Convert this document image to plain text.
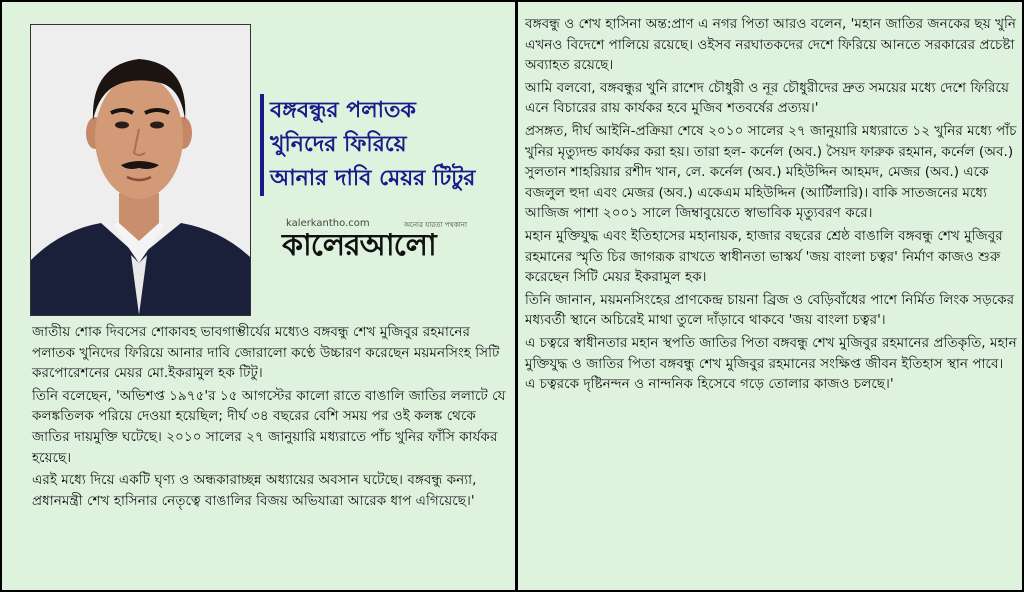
বঙ্গবন্ধুর পলাতক
খুনিদের ফিরিয়ে
আনার দাবি মেয়র টিটুর
kalerkantho.com	অন্যের যারতা পথকানা
কালরআলো

জাতীয় শোক দিবসের শোকাবহ ভাবগাম্ভীর্যের মধ্যেও বঙ্গবন্ধু শেখ মুজিবুর রহমানের পলাতক খুনিদের ফিরিয়ে আনার দাবি জোরালো কণ্ঠে উচ্চারণ করেছেন ময়মনসিংহ সিটি করপোরেশনের মেয়র মো.ইকরামুল হক টিটু।

তিনি বলেছেন, 'অভিশপ্ত ১৯৭৫'র ১৫ আগস্টের কালো রাতে বাঙালি জাতির ললাটে যে কলঙ্কতিলক পরিয়ে দেওয়া হয়েছিল; দীর্ঘ ৩৪ বছরের বেশি সময় পর ওই কলঙ্ক থেকে জাতির দায়মুক্তি ঘটেছে। ২০১০ সালের ২৭ জানুয়ারি মধ্যরাতে পাঁচ খুনির ফাঁসি কার্যকর হয়েছে।

এরই মধ্যে দিয়ে একটি ঘৃণ্য ও অন্ধকারাচ্ছন্ন অধ্যায়ের অবসান ঘটেছে। বঙ্গবন্ধু কন্যা, প্রধানমন্ত্রী শেখ হাসিনার নেতৃত্বে বাঙালির বিজয় অভিযাত্রা আরেক ধাপ এগিয়েছে।'

বঙ্গবন্ধু ও শেখ হাসিনা অন্ত:প্রাণ এ নগর পিতা আরও বলেন, 'মহান জাতির জনকের ছয় খুনি এখনও বিদেশে পালিয়ে রয়েছে। ওইসব নরঘাতকদের দেশে ফিরিয়ে আনতে সরকারের প্রচেষ্টা অব্যাহত রয়েছে।

আমি বলবো, বঙ্গবন্ধুর খুনি রাশেদ চৌধুরী ও নূর চৌধুরীদের দ্রুত সময়ের মধ্যে দেশে ফিরিয়ে এনে বিচারের রায় কার্যকর হবে মুজিব শতবর্ষের প্রত্যয়।'

প্রসঙ্গত, দীর্ঘ আইনি-প্রক্রিয়া শেষে ২০১০ সালের ২৭ জানুয়ারি মধ্যরাতে ১২ খুনির মধ্যে পাঁচ খুনির মৃত্যুদন্ড কার্যকর করা হয়। তারা হল- কর্নেল (অব.) সৈয়দ ফারুক রহমান, কর্নেল (অব.) সুলতান শাহরিয়ার রশীদ খান, লে. কর্নেল (অব.) মহিউদ্দিন আহমদ, মেজর (অব.) একে বজলুল হুদা এবং মেজর (অব.) একেএম মহিউদ্দিন (আর্টিলারি)। বাকি সাতজনের মধ্যে আজিজ পাশা ২০০১ সালে জিম্বাবুয়েতে স্বাভাবিক মৃত্যুবরণ করে।

মহান মুক্তিযুদ্ধ এবং ইতিহাসের মহানায়ক, হাজার বছরের শ্রেষ্ঠ বাঙালি বঙ্গবন্ধু শেখ মুজিবুর রহমানের স্মৃতি চির জাগরূক রাখতে স্বাধীনতা ভাস্কর্য 'জয় বাংলা চত্বর' নির্মাণ কাজও শুরু করেছেন সিটি মেয়র ইকরামুল হক।

তিনি জানান, ময়মনসিংহের প্রাণকেন্দ্র চায়না ব্রিজ ও বেড়িবাঁধের পাশে নির্মিত লিংক সড়কের মধ্যবর্তী স্থানে অচিরেই মাথা তুলে দাঁড়াবে থাকবে 'জয় বাংলা চত্বর'।

এ চত্বরে স্বাধীনতার মহান স্থপতি জাতির পিতা বঙ্গবন্ধু শেখ মুজিবুর রহমানের প্রতিকৃতি, মহান মুক্তিযুদ্ধ ও জাতির পিতা বঙ্গবন্ধু শেখ মুজিবুর রহমানের সংক্ষিপ্ত জীবন ইতিহাস স্থান পাবে। এ চত্বরকে দৃষ্টিনন্দন ও নান্দনিক হিসেবে গড়ে তোলার কাজও চলছে।'
